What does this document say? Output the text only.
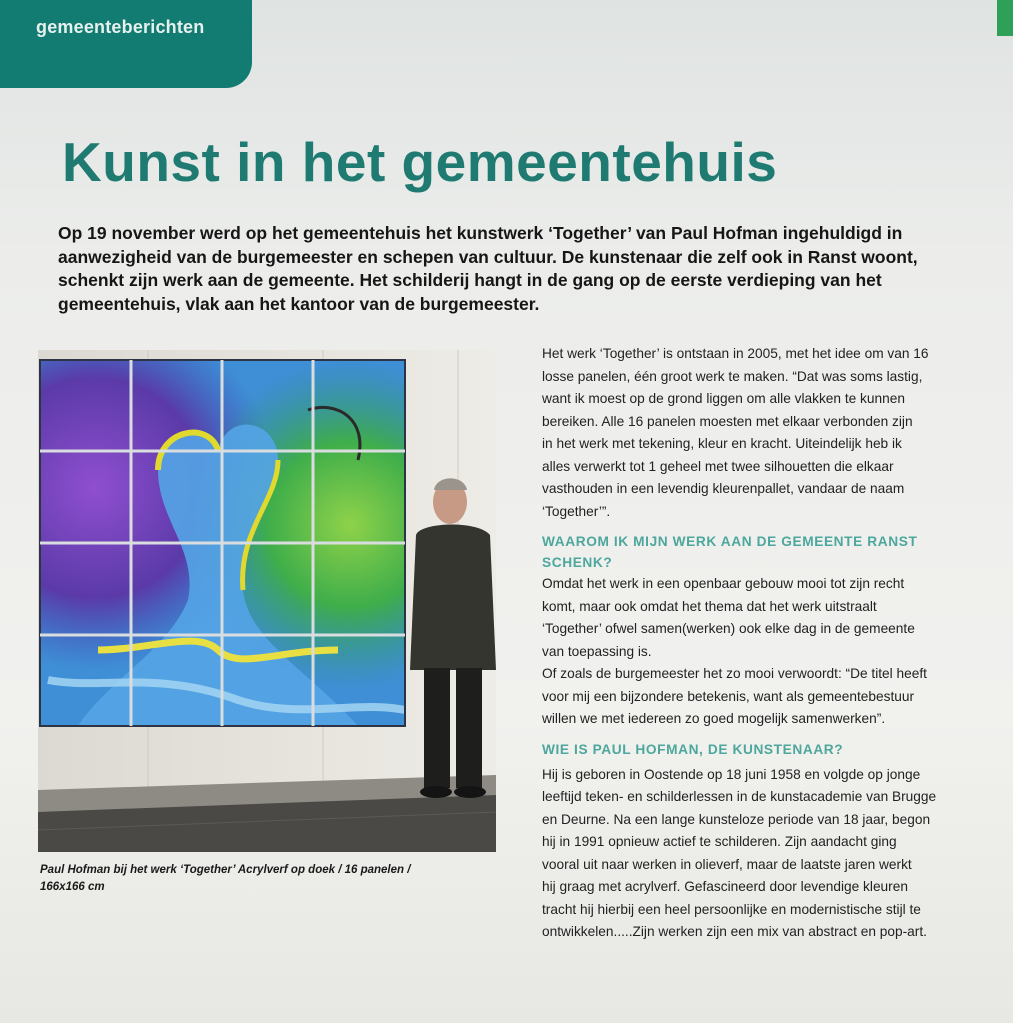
gemeenteberichten
Kunst in het gemeentehuis

Op 19 november werd op het gemeentehuis het kunstwerk ‘Together’ van Paul Hofman ingehuldigd in
aanwezigheid van de burgemeester en schepen van cultuur. De kunstenaar die zelf ook in Ranst woont,
schenkt zijn werk aan de gemeente. Het schilderij hangt in de gang op de eerste verdieping van het
gemeentehuis, vlak aan het kantoor van de burgemeester.

Paul Hofman bij het werk ‘Together’ Acrylverf op doek / 16 panelen /
166x166 cm

Het werk ‘Together’ is ontstaan in 2005, met het idee om van 16
losse panelen, één groot werk te maken. “Dat was soms lastig,
want ik moest op de grond liggen om alle vlakken te kunnen
bereiken. Alle 16 panelen moesten met elkaar verbonden zijn
in het werk met tekening, kleur en kracht. Uiteindelijk heb ik
alles verwerkt tot 1 geheel met twee silhouetten die elkaar
vasthouden in een levendig kleurenpallet, vandaar de naam
‘Together’”.

WAAROM IK MIJN WERK AAN DE GEMEENTE RANST
SCHENK?

Omdat het werk in een openbaar gebouw mooi tot zijn recht
komt, maar ook omdat het thema dat het werk uitstraalt
‘Together’ ofwel samen(werken) ook elke dag in de gemeente
van toepassing is.
Of zoals de burgemeester het zo mooi verwoordt: “De titel heeft
voor mij een bijzondere betekenis, want als gemeentebestuur
willen we met iedereen zo goed mogelijk samenwerken”.

WIE IS PAUL HOFMAN, DE KUNSTENAAR?

Hij is geboren in Oostende op 18 juni 1958 en volgde op jonge
leeftijd teken- en schilderlessen in de kunstacademie van Brugge
en Deurne. Na een lange kunsteloze periode van 18 jaar, begon
hij in 1991 opnieuw actief te schilderen. Zijn aandacht ging
vooral uit naar werken in olieverf, maar de laatste jaren werkt
hij graag met acrylverf. Gefascineerd door levendige kleuren
tracht hij hierbij een heel persoonlijke en modernistische stijl te
ontwikkelen.....Zijn werken zijn een mix van abstract en pop-art.
